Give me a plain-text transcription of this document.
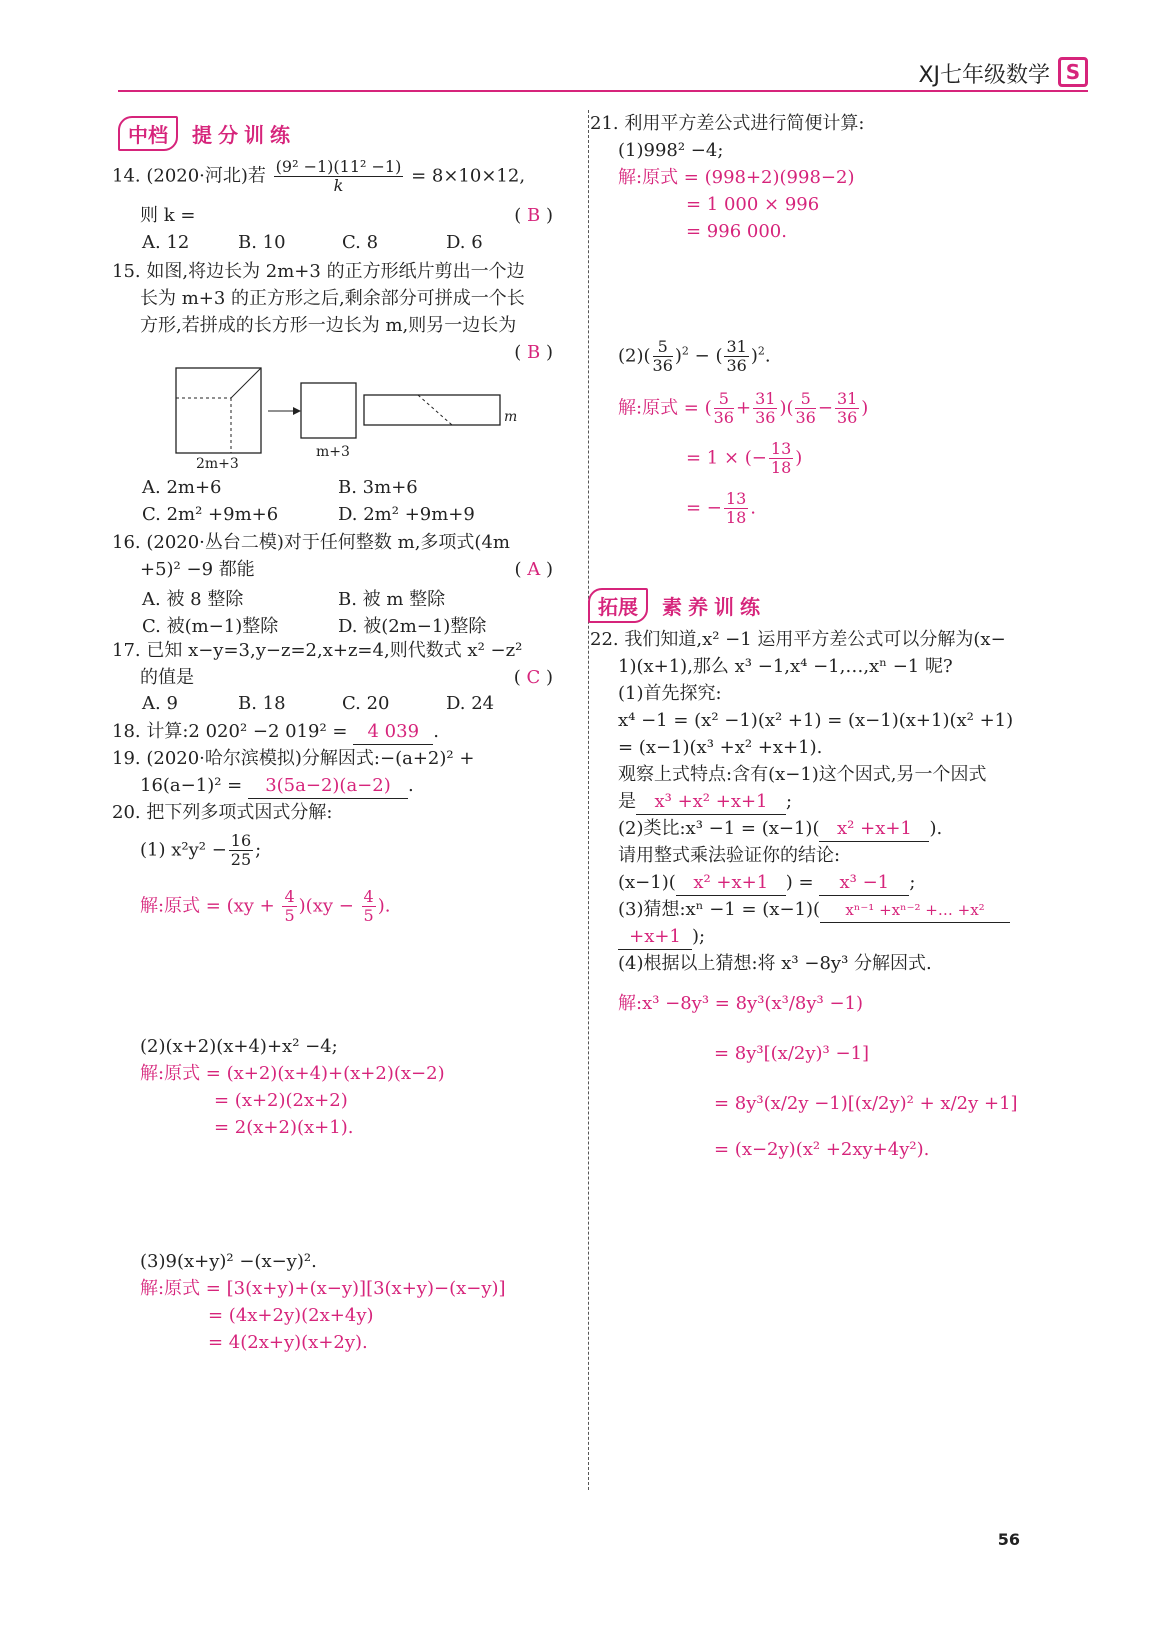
XJ七年级数学 S
中档	提分训练
14. (2020·河北)若 $\frac{\text{(9² −1)(11² −1)}}{k} = 8\times 10\times 12$,
则 k =	( B )
A. 12	B. 10	C. 8	D. 6
15. 如图,将边长为 2m+3 的正方形纸片剪出一个边
长为 m+3 的正方形之后,剩余部分可拼成一个长
方形,若拼成的长方形一边长为 m,则另一边长为
( B )
2m+3
m+3
m
A. 2m+6	B. 3m+6
C. 2m² +9m+6	D. 2m² +9m+9
16. (2020·丛台二模)对于任何整数 m,多项式(4m
+5)² −9 都能	( A )
A. 被 8 整除	B. 被 m 整除
C. 被(m−1)整除	D. 被(2m−1)整除
17. 已知 x−y=3,y−z=2,x+z=4,则代数式 x² −z²
的值是	( C )
A. 9	B. 18	C. 20	D. 24
18. 计算:2 020² −2 019² = 4 039 .
19. (2020·哈尔滨模拟)分解因式:−(a+2)² +
16(a−1)² = 3(5a−2)(a−2) .
20. 把下列多项式因式分解:
(1) $x^2y^2 - \frac{16}{25}$ ;
解:原式 = $(xy + \frac{4}{5} )(xy - \frac{4}{5}$ ).
(2)(x+2)(x+4)+x² −4;
解:原式 = (x+2)(x+4)+(x+2)(x−2)
= (x+2)(2x+2)
= 2(x+2)(x+1).
(3)9(x+y)² −(x−y)².
解:原式 = [3(x+y)+(x−y)][3(x+y)−(x−y)]
= (4x+2y)(2x+4y)
= 4(2x+y)(x+2y).
21. 利用平方差公式进行简便计算:
(1)998² −4;
解:原式 = (998+2)(998−2)
= 1 000 × 996
= 996 000.
$(2)( \frac{5}{36} )^2$ − ( $\frac{31}{36} )^2$.
解:原式 = ( $\frac{5}{36} + \frac{31}{36}$ )( $\frac{5}{36} - \frac{31}{36}$ )
= 1 × (− $\frac{13}{18}$ )
= − $\frac{13}{18}$ .
拓展	素养训练
22. 我们知道,x² −1 运用平方差公式可以分解为(x−
1)(x+1),那么 x³ −1,x⁴ −1,…,xⁿ −1 呢?
(1)首先探究:
x⁴ −1 = (x² −1)(x² +1) = (x−1)(x+1)(x² +1)
= (x−1)(x³ +x² +x+1).
观察上式特点:含有(x−1)这个因式,另一个因式
是 x³ +x² +x+1 ;
(2)类比:x³ −1 = (x−1)( x² +x+1 ).
请用整式乘法验证你的结论:
(x−1)( x² +x+1 ) = x³ −1 ;
(3)猜想:xⁿ −1 = (x−1)( xⁿ⁻¹ +xⁿ⁻² +… +x²
+x+1 );
(4)根据以上猜想:将 x³ −8y³ 分解因式.
解:x³ −8y³ = 8y³(x³/8y³ −1)
= 8y³[(x/2y)³ −1]
= 8y³(x/2y −1)[(x/2y)² + x/2y +1]
= (x−2y)(x² +2xy+4y²).
56
